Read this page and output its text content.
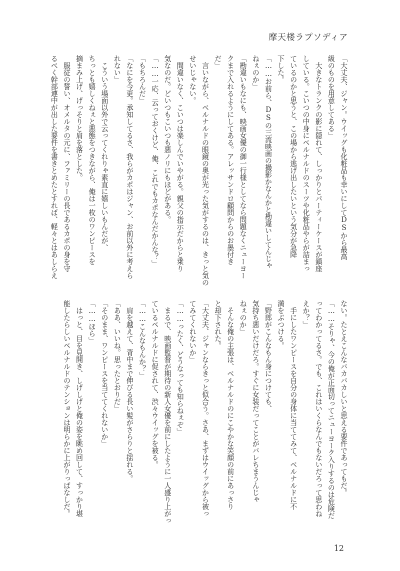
摩天楼ラプソディア
「大丈夫、ジャン。ウイッグも化粧品も幸いにしてDSから最高
級のものを用意してある」
　大きなトランクの影に隠れて、しっかりとパーティーケースが鎮座
している。こいつの中身にベルナルドのスーツや化粧品やらが詰まっ
ているのかと思うと、この場から逃げ出したいという気分が急降
下した。
「……お前ら、DSの三流映画の撮影かなんかと勘違いしてんじゃ
ねぇのか」
「勘違いもなにも、映画女優の御一行様としてなら問題なくニューヨー
クまで入れるようにしてある。アレッサンドロ顧問からのお墨付き
だ」
　言いながら、ベルナルドの眼鏡の奥が光った気がするのは、きっと気の
せいじゃない。
　間違いなく、こいつは楽しんでいやがる。親父の指示だからと乗り
気なのだ。どいつもこいつも悪ノリにもほどがある。
「……一応、云っておくけど、俺、これでもカポなんだかんな？」
「もちろんだ」
「なにを今更。承知してるさ、我らがカポはジャン、お前以外に考えら
れない」
　こういう場面以外で云ってくれりゃ素直に嬉しいもんだが、
ちっとも嬉しくねぇと悪態をつきながら、俺は一枚のワンピースを
摘まみ上げ、げっそりと肩を落とした。
　服従の誓い、オメルタの元に、ファミリーの長であるカポの身を守
るべく幹部連中が出した要件を書きとめたとすれば、軽々とはあしらえ
ない。たとえこんなバカバカしいと思える要件であってもだ。
「……そりゃ、今の俺が正面切ってニューヨーク入りするのは危険だ
ってわかってるさ。でも、これはいくらなんでもないだろって思わね
えか？」
　手にしたワンピースを自分の身体に当ててみて、ベルナルドに不
満をぶつける。
「野郎がこんなもん身につけても、
気持ち悪いだけだろ。すぐに女装だってことがバレちまうんじゃ
ねぇのか」
　そんな俺の主張は、ベルナルドのにこやかな笑顔の前にあっさり
と却下された。
「大丈夫、ジャンならきっと似合う。さあ、まずはウイッグから被っ
てみてくれないか」
「……ったく、どうなっても知らねぇぞ」
　まるで、映画監督が期待の新人女優を前にしたように一人盛り上がっ
ているベルナルドに促されて、渋々ウイッグを被る。
「……こんなもんか？」
　肩を越えて、背中まで伸びる長い髪がさらりと揺れる。
「ああ、いいね。思ったとおりだ」
「そのまま、ワンピースを当ててくれないか」
「……ほら」
　はっと、目を見開き、しげしげと俺の姿を眺め回して、すっかり堪
能したらしいベルナルドのテンションは明らかに上がりっぱなしだ。
12
